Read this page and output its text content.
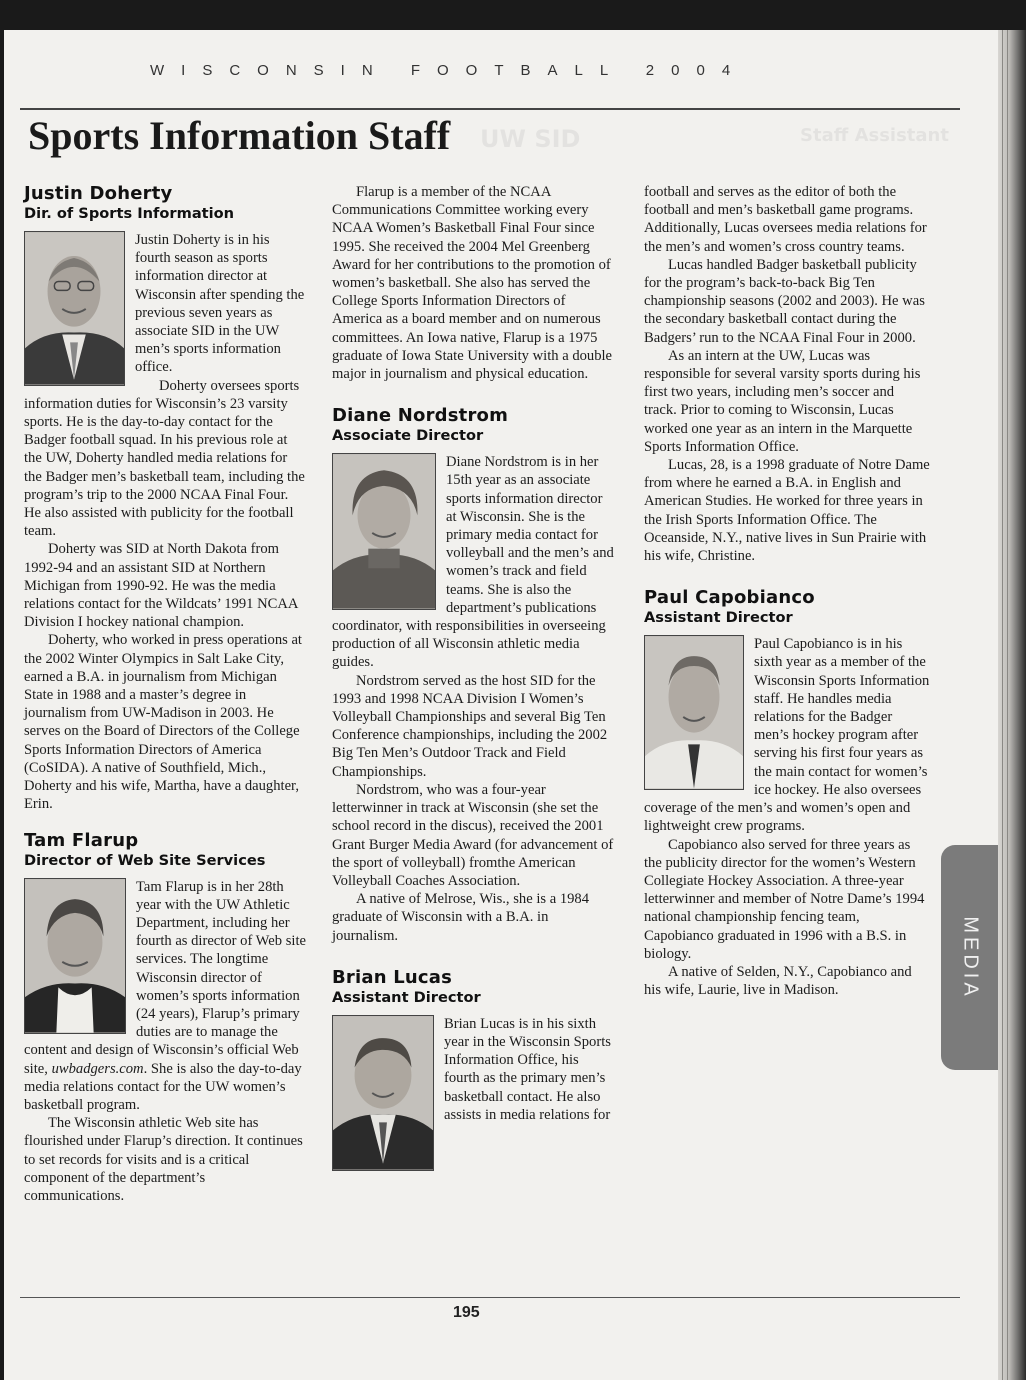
UW SID	Staff Assistant
WISCONSIN FOOTBALL 2004
Sports Information Staff
Justin Doherty
Dir. of Sports Information

Justin Doherty is in his fourth season as sports information director at Wisconsin after spending the previous seven years as associate SID in the UW men’s sports information office.

Doherty oversees sports information duties for Wisconsin’s 23 varsity sports. He is the day-to-day contact for the Badger football squad. In his previous role at the UW, Doherty handled media relations for the Badger men’s basketball team, including the program’s trip to the 2000 NCAA Final Four. He also assisted with publicity for the football team.

Doherty was SID at North Dakota from 1992-94 and an assistant SID at Northern Michigan from 1990-92. He was the media relations contact for the Wildcats’ 1991 NCAA Division I hockey national champion.

Doherty, who worked in press operations at the 2002 Winter Olympics in Salt Lake City, earned a B.A. in journalism from Michigan State in 1988 and a master’s degree in journalism from UW-Madison in 2003. He serves on the Board of Directors of the College Sports Information Directors of America (CoSIDA). A native of Southfield, Mich., Doherty and his wife, Martha, have a daughter, Erin.

Tam Flarup
Director of Web Site Services

Tam Flarup is in her 28th year with the UW Athletic Department, including her fourth as director of Web site services. The longtime Wisconsin director of women’s sports information (24 years), Flarup’s primary duties are to manage the content and design of Wisconsin’s official Web site, uwbadgers.com. She is also the day-to-day media relations contact for the UW women’s basketball program.

The Wisconsin athletic Web site has flourished under Flarup’s direction. It continues to set records for visits and is a critical component of the department’s communications.

Flarup is a member of the NCAA Communications Committee working every NCAA Women’s Basketball Final Four since 1995. She received the 2004 Mel Greenberg Award for her contributions to the promotion of women’s basketball. She also has served the College Sports Information Directors of America as a board member and on numerous committees. An Iowa native, Flarup is a 1975 graduate of Iowa State University with a double major in journalism and physical education.

Diane Nordstrom
Associate Director

Diane Nordstrom is in her 15th year as an associate sports information director at Wisconsin. She is the primary media contact for volleyball and the men’s and women’s track and field teams. She is also the department’s publications coordinator, with responsibilities in overseeing production of all Wisconsin athletic media guides.

Nordstrom served as the host SID for the 1993 and 1998 NCAA Division I Women’s Volleyball Championships and several Big Ten Conference championships, including the 2002 Big Ten Men’s Outdoor Track and Field Championships.

Nordstrom, who was a four-year letterwinner in track at Wisconsin (she set the school record in the discus), received the 2001 Grant Burger Media Award (for advancement of the sport of volleyball) fromthe American Volleyball Coaches Association.

A native of Melrose, Wis., she is a 1984 graduate of Wisconsin with a B.A. in journalism.

Brian Lucas
Assistant Director

Brian Lucas is in his sixth year in the Wisconsin Sports Information Office, his fourth as the primary men’s basketball contact. He also assists in media relations for

football and serves as the editor of both the football and men’s basketball game programs. Additionally, Lucas oversees media relations for the men’s and women’s cross country teams.

Lucas handled Badger basketball publicity for the program’s back-to-back Big Ten championship seasons (2002 and 2003). He was the secondary basketball contact during the Badgers’ run to the NCAA Final Four in 2000.

As an intern at the UW, Lucas was responsible for several varsity sports during his first two years, including men’s soccer and track. Prior to coming to Wisconsin, Lucas worked one year as an intern in the Marquette Sports Information Office.

Lucas, 28, is a 1998 graduate of Notre Dame from where he earned a B.A. in English and American Studies. He worked for three years in the Irish Sports Information Office. The Oceanside, N.Y., native lives in Sun Prairie with his wife, Christine.

Paul Capobianco
Assistant Director

Paul Capobianco is in his sixth year as a member of the Wisconsin Sports Information staff. He handles media relations for the Badger men’s hockey program after serving his first four years as the main contact for women’s ice hockey. He also oversees coverage of the men’s and women’s open and lightweight crew programs.

Capobianco also served for three years as the publicity director for the women’s Western Collegiate Hockey Association. A three-year letterwinner and member of Notre Dame’s 1994 national championship fencing team, Capobianco graduated in 1996 with a B.S. in biology.

A native of Selden, N.Y., Capobianco and his wife, Laurie, live in Madison.

195
MEDIA
